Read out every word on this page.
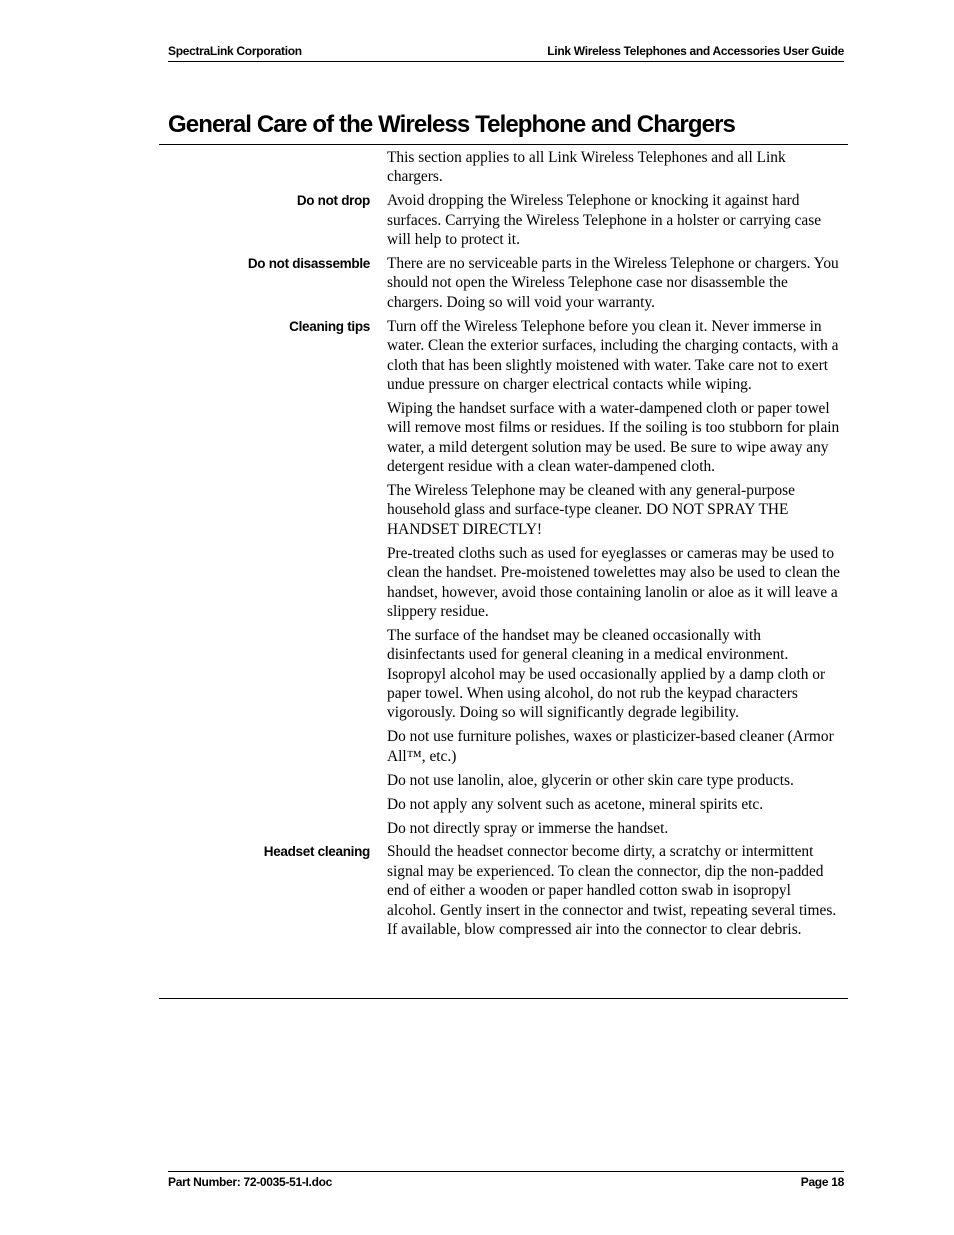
SpectraLink Corporation	Link Wireless Telephones and Accessories User Guide
General Care of the Wireless Telephone and Chargers

This section applies to all Link Wireless Telephones and all Link chargers.

Do not drop Avoid dropping the Wireless Telephone or knocking it against hard surfaces. Carrying the Wireless Telephone in a holster or carrying case will help to protect it.

Do not disassemble There are no serviceable parts in the Wireless Telephone or chargers. You should not open the Wireless Telephone case nor disassemble the chargers. Doing so will void your warranty.

Cleaning tips Turn off the Wireless Telephone before you clean it. Never immerse in water. Clean the exterior surfaces, including the charging contacts, with a cloth that has been slightly moistened with water. Take care not to exert undue pressure on charger electrical contacts while wiping.

Wiping the handset surface with a water-dampened cloth or paper towel will remove most films or residues. If the soiling is too stubborn for plain water, a mild detergent solution may be used. Be sure to wipe away any detergent residue with a clean water-dampened cloth.

The Wireless Telephone may be cleaned with any general-purpose household glass and surface-type cleaner. DO NOT SPRAY THE HANDSET DIRECTLY!

Pre-treated cloths such as used for eyeglasses or cameras may be used to clean the handset. Pre-moistened towelettes may also be used to clean the handset, however, avoid those containing lanolin or aloe as it will leave a slippery residue.

The surface of the handset may be cleaned occasionally with disinfectants used for general cleaning in a medical environment. Isopropyl alcohol may be used occasionally applied by a damp cloth or paper towel. When using alcohol, do not rub the keypad characters vigorously. Doing so will significantly degrade legibility.

Do not use furniture polishes, waxes or plasticizer-based cleaner (Armor All™, etc.)

Do not use lanolin, aloe, glycerin or other skin care type products.

Do not apply any solvent such as acetone, mineral spirits etc.

Do not directly spray or immerse the handset.

Headset cleaning Should the headset connector become dirty, a scratchy or intermittent signal may be experienced. To clean the connector, dip the non-padded end of either a wooden or paper handled cotton swab in isopropyl alcohol. Gently insert in the connector and twist, repeating several times. If available, blow compressed air into the connector to clear debris.

Part Number: 72-0035-51-I.doc	Page 18
